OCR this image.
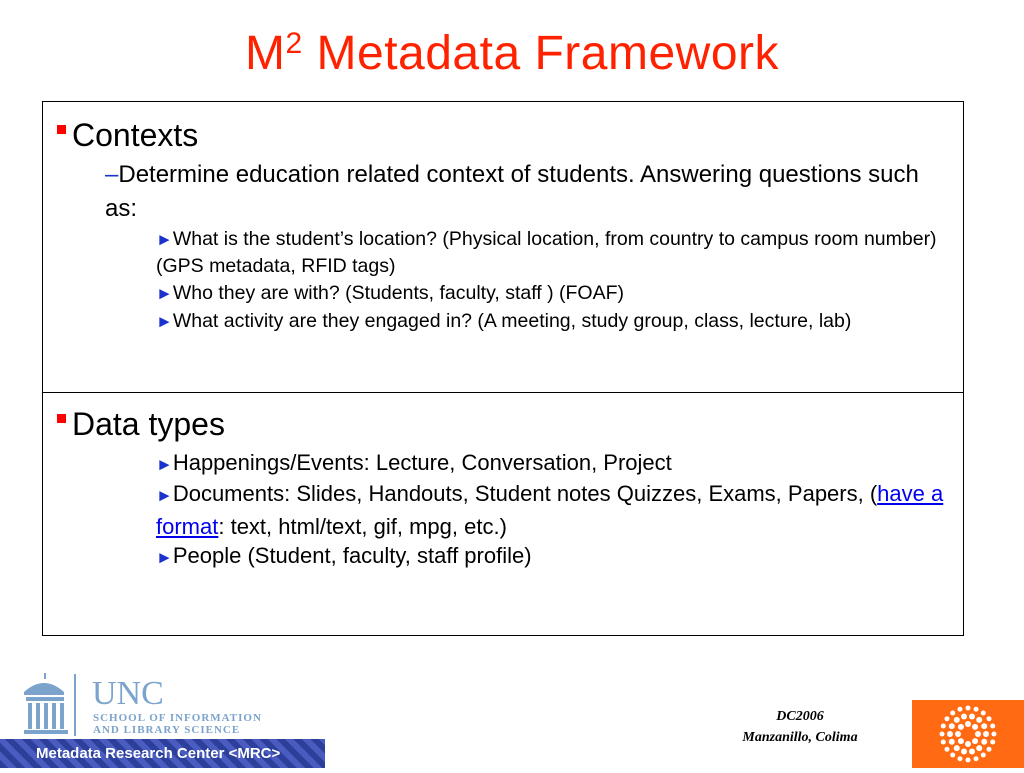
$M^2$ Metadata Framework
Contexts
–Determine education related context of students. Answering questions such as:
►What is the student’s location? (Physical location, from country to campus room number) (GPS metadata, RFID tags)
►Who they are with? (Students, faculty, staff ) (FOAF)
►What activity are they engaged in? (A meeting, study group, class, lecture, lab)
Data types
►Happenings/Events: Lecture, Conversation, Project
►Documents: Slides, Handouts, Student notes Quizzes, Exams, Papers, (have a format: text, html/text, gif, mpg, etc.)
►People (Student, faculty, staff profile)
UNC
SCHOOL OF INFORMATION
AND LIBRARY SCIENCE
Metadata Research Center <MRC>
DC2006
Manzanillo, Colima
